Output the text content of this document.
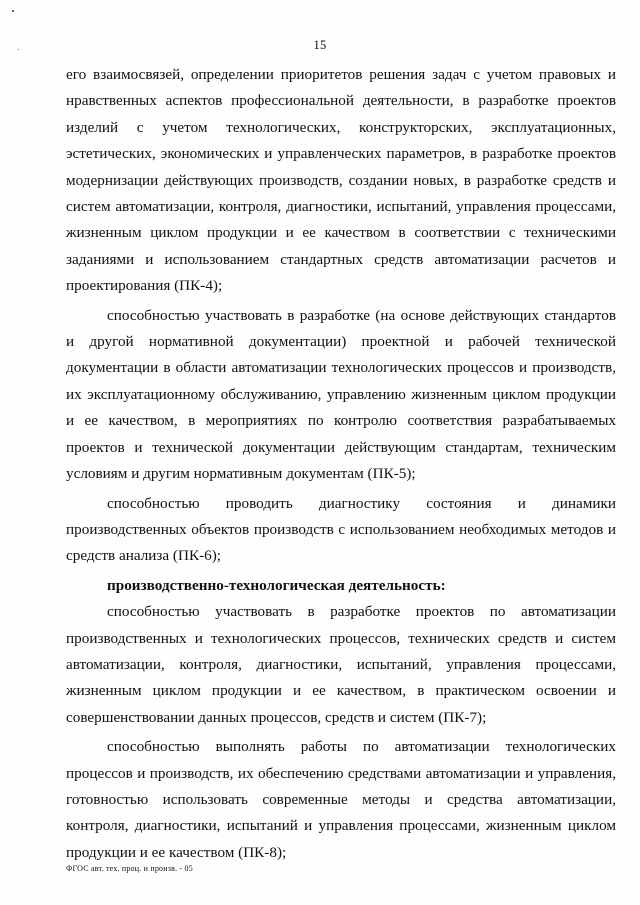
15

его взаимосвязей, определении приоритетов решения задач с учетом правовых и нравственных аспектов профессиональной деятельности, в разработке проектов изделий с учетом технологических, конструкторских, эксплуатационных, эстетических, экономических и управленческих параметров, в разработке проектов модернизации действующих производств, создании новых, в разработке средств и систем автоматизации, контроля, диагностики, испытаний, управления процессами, жизненным циклом продукции и ее качеством в соответствии с техническими заданиями и использованием стандартных средств автоматизации расчетов и проектирования (ПК-4);

способностью участвовать в разработке (на основе действующих стандартов и другой нормативной документации) проектной и рабочей технической документации в области автоматизации технологических процессов и производств, их эксплуатационному обслуживанию, управлению жизненным циклом продукции и ее качеством, в мероприятиях по контролю соответствия разрабатываемых проектов и технической документации действующим стандартам, техническим условиям и другим нормативным документам (ПК-5);

способностью проводить диагностику состояния и динамики производственных объектов производств с использованием необходимых методов и средств анализа (ПК-6);

производственно-технологическая деятельность:

способностью участвовать в разработке проектов по автоматизации производственных и технологических процессов, технических средств и систем автоматизации, контроля, диагностики, испытаний, управления процессами, жизненным циклом продукции и ее качеством, в практическом освоении и совершенствовании данных процессов, средств и систем (ПК-7);

способностью выполнять работы по автоматизации технологических процессов и производств, их обеспечению средствами автоматизации и управления, готовностью использовать современные методы и средства автоматизации, контроля, диагностики, испытаний и управления процессами, жизненным циклом продукции и ее качеством (ПК-8);

ФГОС авт. тех. проц. и произв. - 05
